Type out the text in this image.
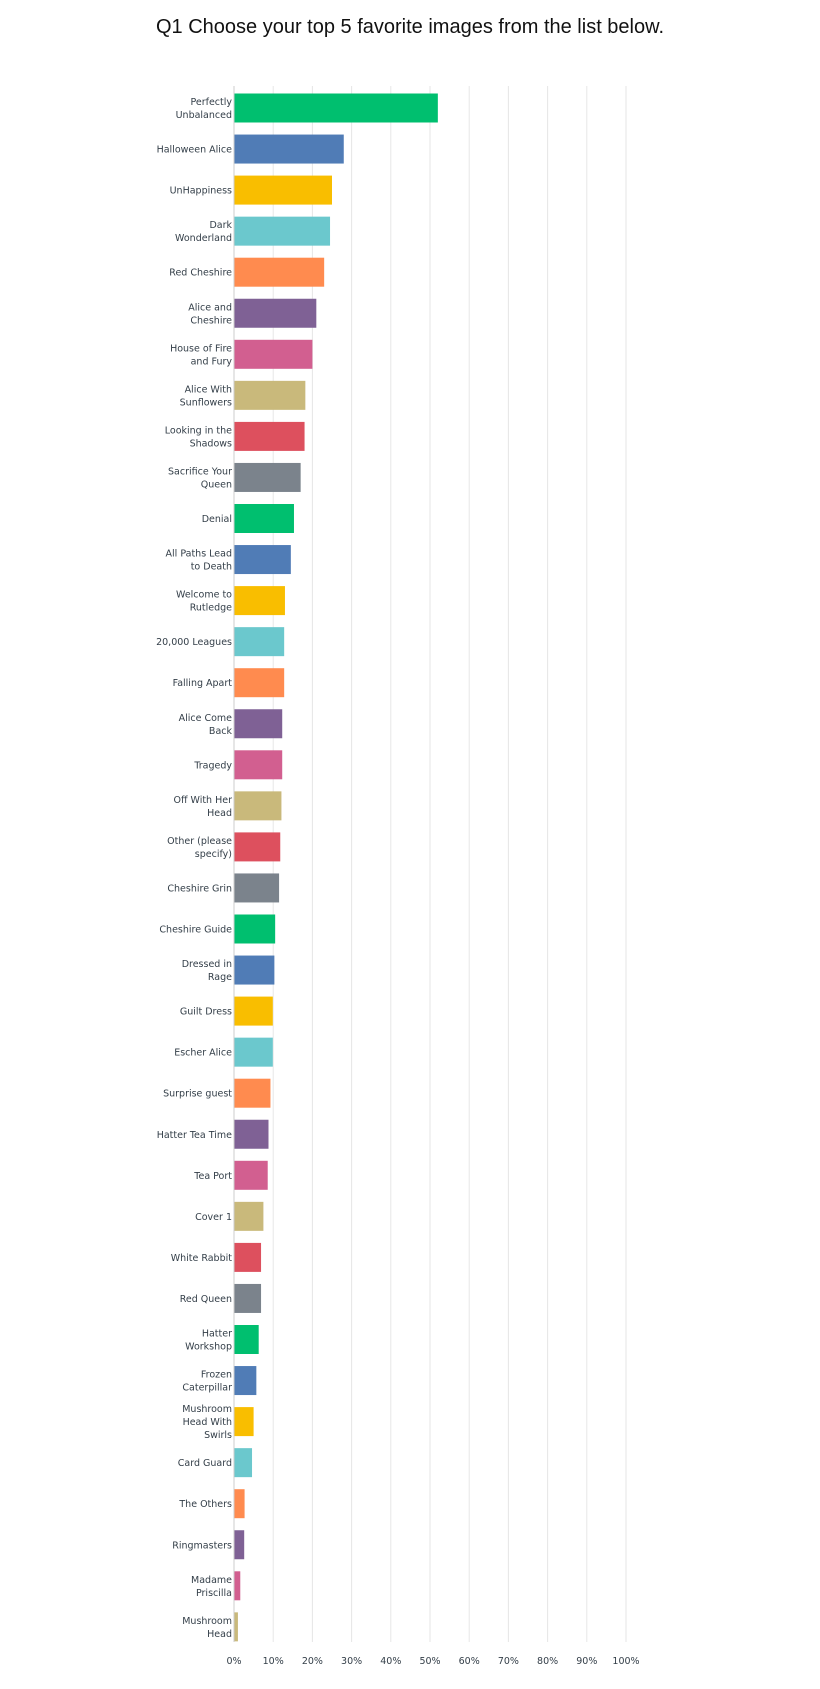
Q1 Choose your top 5 favorite images from the list below.
Perfectly Unbalanced
Halloween Alice
UnHappiness
Dark Wonderland
Red Cheshire
Alice and Cheshire
House of Fire and Fury
Alice With Sunflowers
Looking in the Shadows
Sacrifice Your Queen
Denial
All Paths Lead to Death
Welcome to Rutledge
20,000 Leagues
Falling Apart
Alice Come Back
Tragedy
Off With Her Head
Other (please specify)
Cheshire Grin
Cheshire Guide
Dressed in Rage
Guilt Dress
Escher Alice
Surprise guest
Hatter Tea Time
Tea Port
Cover 1
White Rabbit
Red Queen
Hatter Workshop
Frozen Caterpillar
Mushroom Head With Swirls
Card Guard
The Others
Ringmasters
Madame Priscilla
Mushroom Head
0% 10% 20% 30% 40% 50% 60% 70% 80% 90% 100%
